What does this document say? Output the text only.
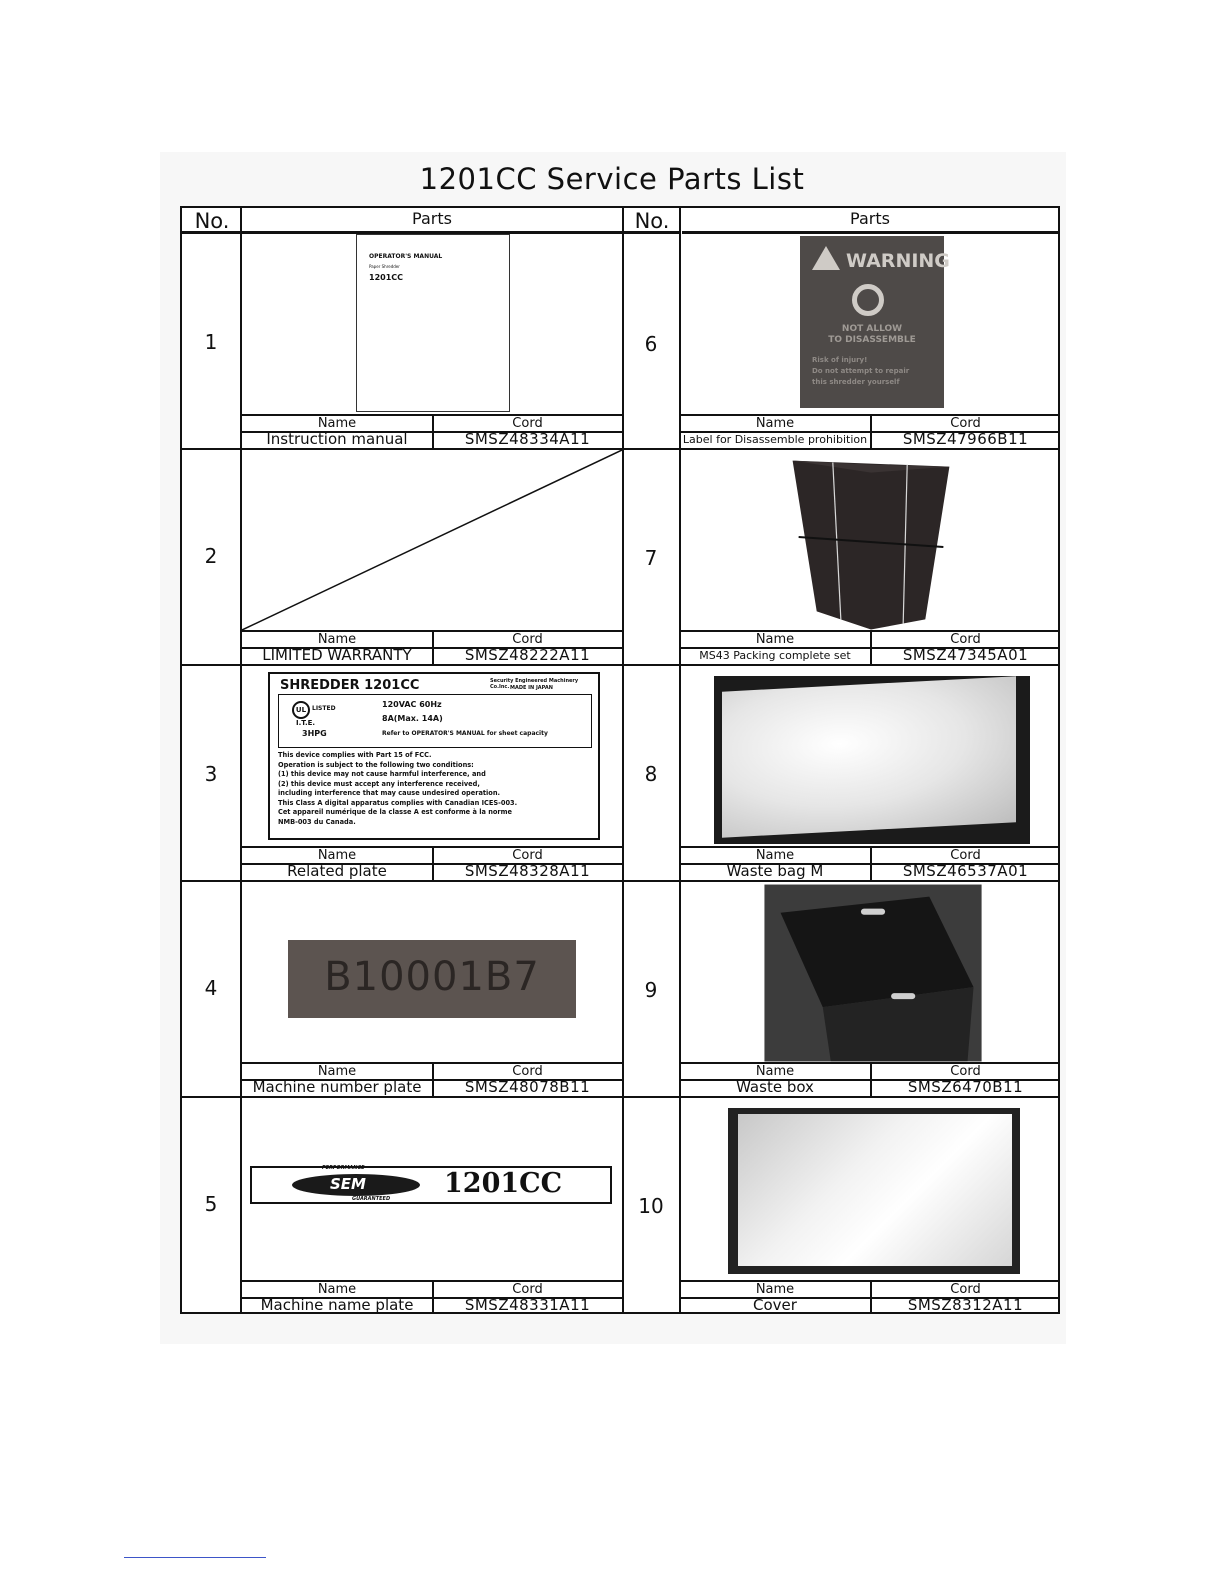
1201CC Service Parts List
No.	Parts	No.	Parts
1
OPERATOR'S MANUAL
Paper Shredder
1201CC
Name	Cord
Instruction manual	SMSZ48334A11
2
Name	Cord
LIMITED WARRANTY	SMSZ48222A11
3
SHREDDER 1201CC	Security Engineered Machinery Co.Inc. MADE IN JAPAN
UL LISTED
I.T.E.
3HPG
120VAC 60Hz
8A(Max. 14A)
Refer to OPERATOR'S MANUAL for sheet capacity
This device complies with Part 15 of FCC.
Operation is subject to the following two conditions:
(1) this device may not cause harmful interference, and
(2) this device must accept any interference received,
including interference that may cause undesired operation.
This Class A digital apparatus complies with Canadian ICES-003.
Cet appareil numérique de la classe A est conforme à la norme
NMB-003 du Canada.
Name	Cord
Related plate	SMSZ48328A11
4	B10001B7
Name	Cord
Machine number plate	SMSZ48078B11
5
PERFORMANCE
SEM
GUARANTEED 1201CC
Name	Cord
Machine name plate	SMSZ48331A11
6
WARNING
NOT ALLOW
TO DISASSEMBLE
Risk of injury!
Do not attempt to repair
this shredder yourself
Name	Cord
Label for Disassemble prohibition	SMSZ47966B11
7
Name	Cord
MS43 Packing complete set	SMSZ47345A01
8
Name	Cord
Waste bag M	SMSZ46537A01
9
Name	Cord
Waste box	SMSZ6470B11
10
Name	Cord
Cover	SMSZ8312A11
